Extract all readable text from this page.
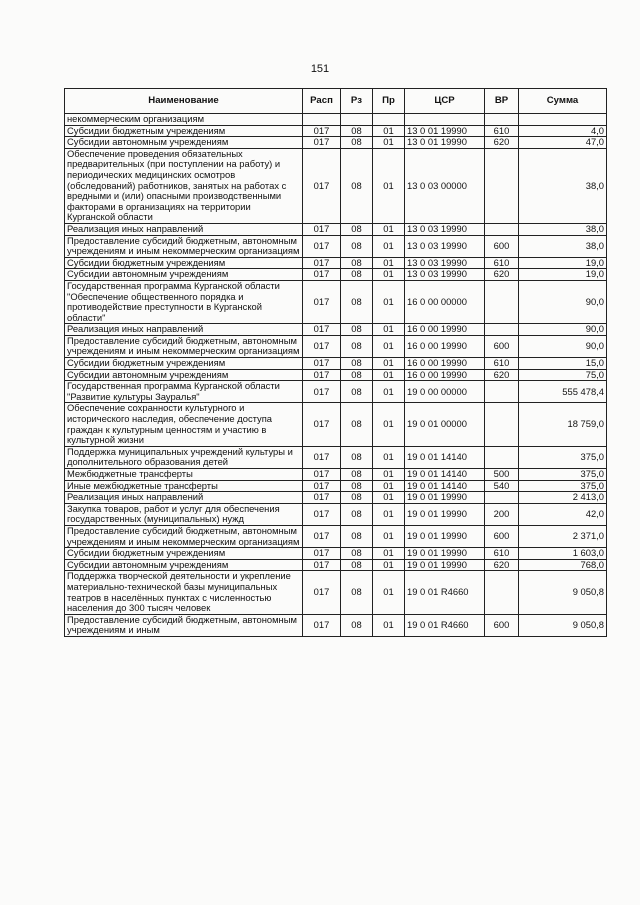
151
Наименование	Расп	Рз	Пр	ЦСР	ВР	Сумма
некоммерческим организациям						
Субсидии бюджетным учреждениям	017	08	01	13 0 01 19990	610	4,0
Субсидии автономным учреждениям	017	08	01	13 0 01 19990	620	47,0
Обеспечение проведения обязательных предварительных (при поступлении на работу) и периодических медицинских осмотров (обследований) работников, занятых на работах с вредными и (или) опасными производственными факторами в организациях на территории Курганской области	017	08	01	13 0 03 00000		38,0
Реализация иных направлений	017	08	01	13 0 03 19990		38,0
Предоставление субсидий бюджетным, автономным учреждениям и иным некоммерческим организациям	017	08	01	13 0 03 19990	600	38,0
Субсидии бюджетным учреждениям	017	08	01	13 0 03 19990	610	19,0
Субсидии автономным учреждениям	017	08	01	13 0 03 19990	620	19,0
Государственная программа Курганской области "Обеспечение общественного порядка и противодействие преступности в Курганской области"	017	08	01	16 0 00 00000		90,0
Реализация иных направлений	017	08	01	16 0 00 19990		90,0
Предоставление субсидий бюджетным, автономным учреждениям и иным некоммерческим организациям	017	08	01	16 0 00 19990	600	90,0
Субсидии бюджетным учреждениям	017	08	01	16 0 00 19990	610	15,0
Субсидии автономным учреждениям	017	08	01	16 0 00 19990	620	75,0
Государственная программа Курганской области "Развитие культуры Зауралья"	017	08	01	19 0 00 00000		555 478,4
Обеспечение сохранности культурного и исторического наследия, обеспечение доступа граждан к культурным ценностям и участию в культурной жизни	017	08	01	19 0 01 00000		18 759,0
Поддержка муниципальных учреждений культуры и дополнительного образования детей	017	08	01	19 0 01 14140		375,0
Межбюджетные трансферты	017	08	01	19 0 01 14140	500	375,0
Иные межбюджетные трансферты	017	08	01	19 0 01 14140	540	375,0
Реализация иных направлений	017	08	01	19 0 01 19990		2 413,0
Закупка товаров, работ и услуг для обеспечения государственных (муниципальных) нужд	017	08	01	19 0 01 19990	200	42,0
Предоставление субсидий бюджетным, автономным учреждениям и иным некоммерческим организациям	017	08	01	19 0 01 19990	600	2 371,0
Субсидии бюджетным учреждениям	017	08	01	19 0 01 19990	610	1 603,0
Субсидии автономным учреждениям	017	08	01	19 0 01 19990	620	768,0
Поддержка творческой деятельности и укрепление материально-технической базы муниципальных театров в населённых пунктах с численностью населения до 300 тысяч человек	017	08	01	19 0 01 R4660		9 050,8
Предоставление субсидий бюджетным, автономным учреждениям и иным	017	08	01	19 0 01 R4660	600	9 050,8
